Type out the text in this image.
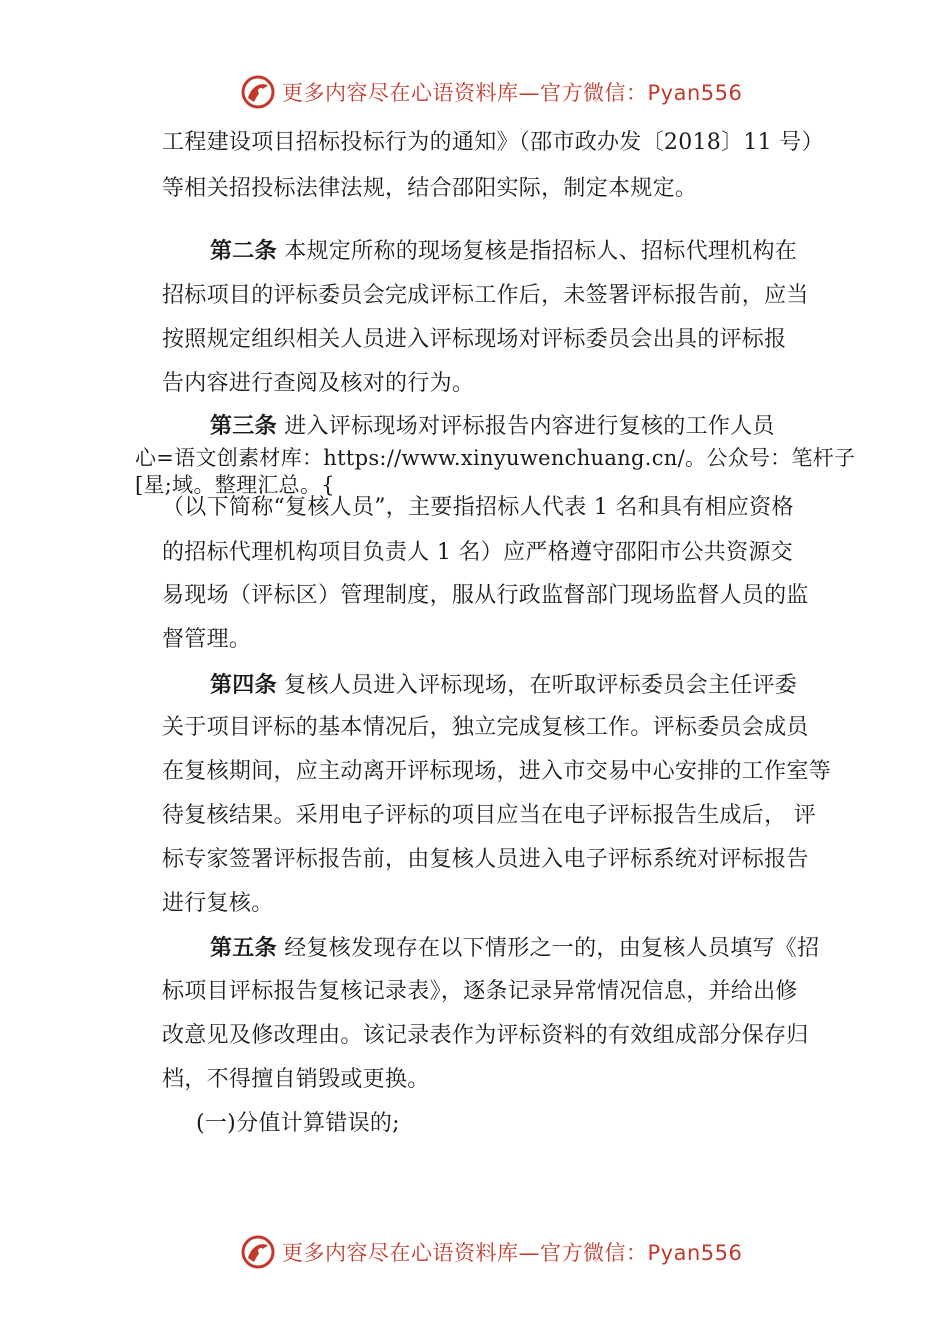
更多内容尽在心语资料库—官方微信：Pyan556
工程建设项目招标投标行为的通知》（邵市政办发〔2018〕11 号）
等相关招投标法律法规，结合邵阳实际，制定本规定。
第二条 本规定所称的现场复核是指招标人、招标代理机构在
招标项目的评标委员会完成评标工作后，未签署评标报告前，应当
按照规定组织相关人员进入评标现场对评标委员会出具的评标报
告内容进行查阅及核对的行为。
第三条 进入评标现场对评标报告内容进行复核的工作人员
心=语文创素材库：https://www.xinyuwenchuang.cn/。公众号：笔杆子
[星;域。整理汇总。{
（以下简称“复核人员”，主要指招标人代表 1 名和具有相应资格
的招标代理机构项目负责人 1 名）应严格遵守邵阳市公共资源交
易现场（评标区）管理制度，服从行政监督部门现场监督人员的监
督管理。
第四条 复核人员进入评标现场，在听取评标委员会主任评委
关于项目评标的基本情况后，独立完成复核工作。评标委员会成员
在复核期间，应主动离开评标现场，进入市交易中心安排的工作室等
待复核结果。采用电子评标的项目应当在电子评标报告生成后， 评
标专家签署评标报告前，由复核人员进入电子评标系统对评标报告
进行复核。
第五条 经复核发现存在以下情形之一的，由复核人员填写《招
标项目评标报告复核记录表》，逐条记录异常情况信息，并给出修
改意见及修改理由。该记录表作为评标资料的有效组成部分保存归
档，不得擅自销毁或更换。
(一)分值计算错误的;
更多内容尽在心语资料库—官方微信：Pyan556
